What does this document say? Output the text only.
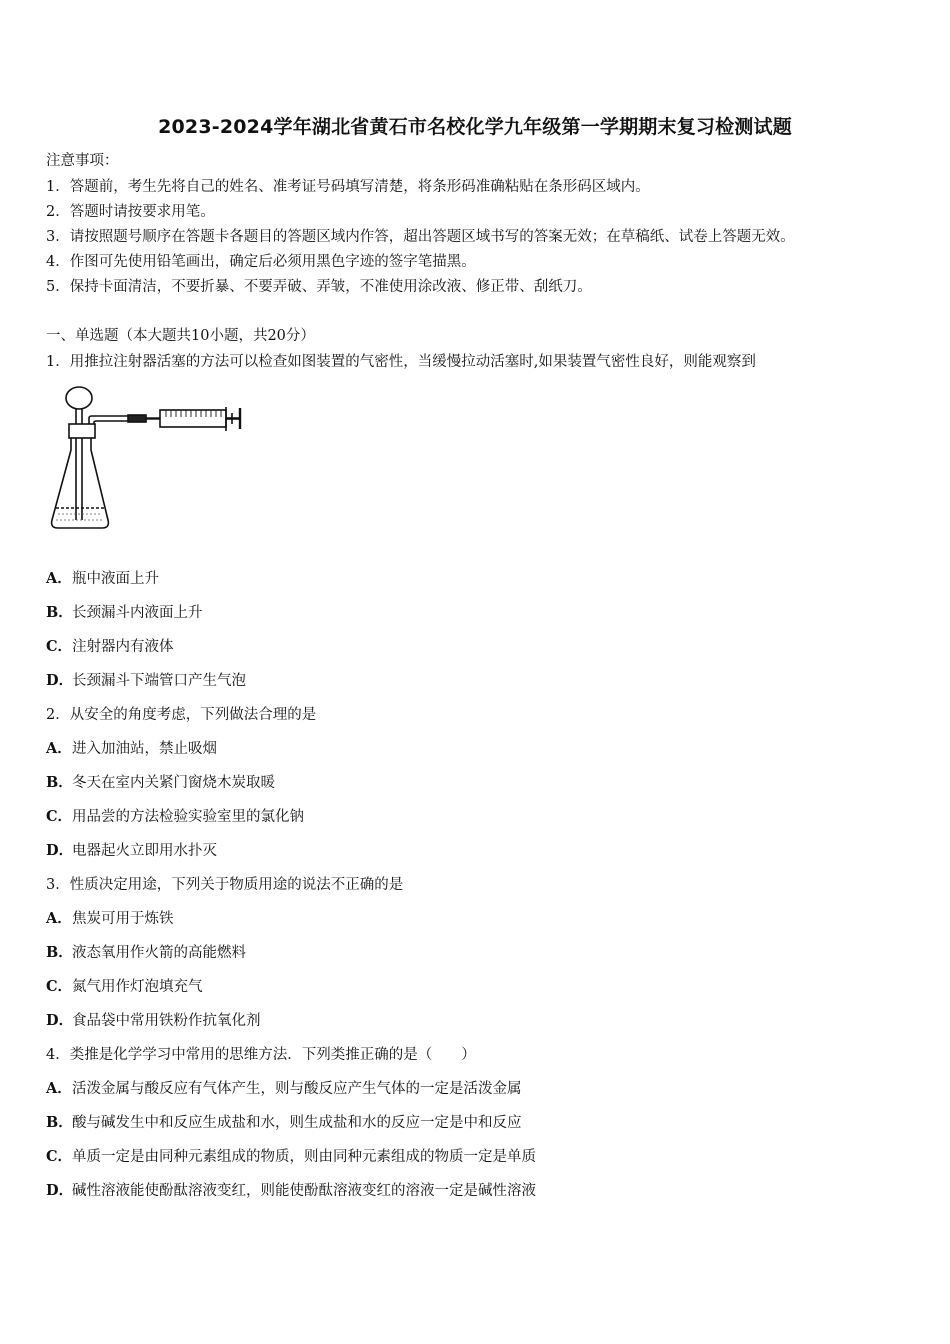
2023-2024学年湖北省黄石市名校化学九年级第一学期期末复习检测试题
注意事项：
1．答题前，考生先将自己的姓名、准考证号码填写清楚，将条形码准确粘贴在条形码区域内。
2．答题时请按要求用笔。
3．请按照题号顺序在答题卡各题目的答题区域内作答，超出答题区域书写的答案无效；在草稿纸、试卷上答题无效。
4．作图可先使用铅笔画出，确定后必须用黑色字迹的签字笔描黑。
5．保持卡面清洁，不要折暴、不要弄破、弄皱，不准使用涂改液、修正带、刮纸刀。
一、单选题（本大题共10小题，共20分）
1．用推拉注射器活塞的方法可以检查如图装置的气密性，当缓慢拉动活塞时,如果装置气密性良好，则能观察到
A．瓶中液面上升
B．长颈漏斗内液面上升
C．注射器内有液体
D．长颈漏斗下端管口产生气泡
2．从安全的角度考虑，下列做法合理的是
A．进入加油站，禁止吸烟
B．冬天在室内关紧门窗烧木炭取暖
C．用品尝的方法检验实验室里的氯化钠
D．电器起火立即用水扑灭
3．性质决定用途，下列关于物质用途的说法不正确的是
A．焦炭可用于炼铁
B．液态氧用作火箭的高能燃料
C．氮气用作灯泡填充气
D．食品袋中常用铁粉作抗氧化剂
4．类推是化学学习中常用的思维方法．下列类推正确的是（　　）
A．活泼金属与酸反应有气体产生，则与酸反应产生气体的一定是活泼金属
B．酸与碱发生中和反应生成盐和水，则生成盐和水的反应一定是中和反应
C．单质一定是由同种元素组成的物质，则由同种元素组成的物质一定是单质
D．碱性溶液能使酚酞溶液变红，则能使酚酞溶液变红的溶液一定是碱性溶液
